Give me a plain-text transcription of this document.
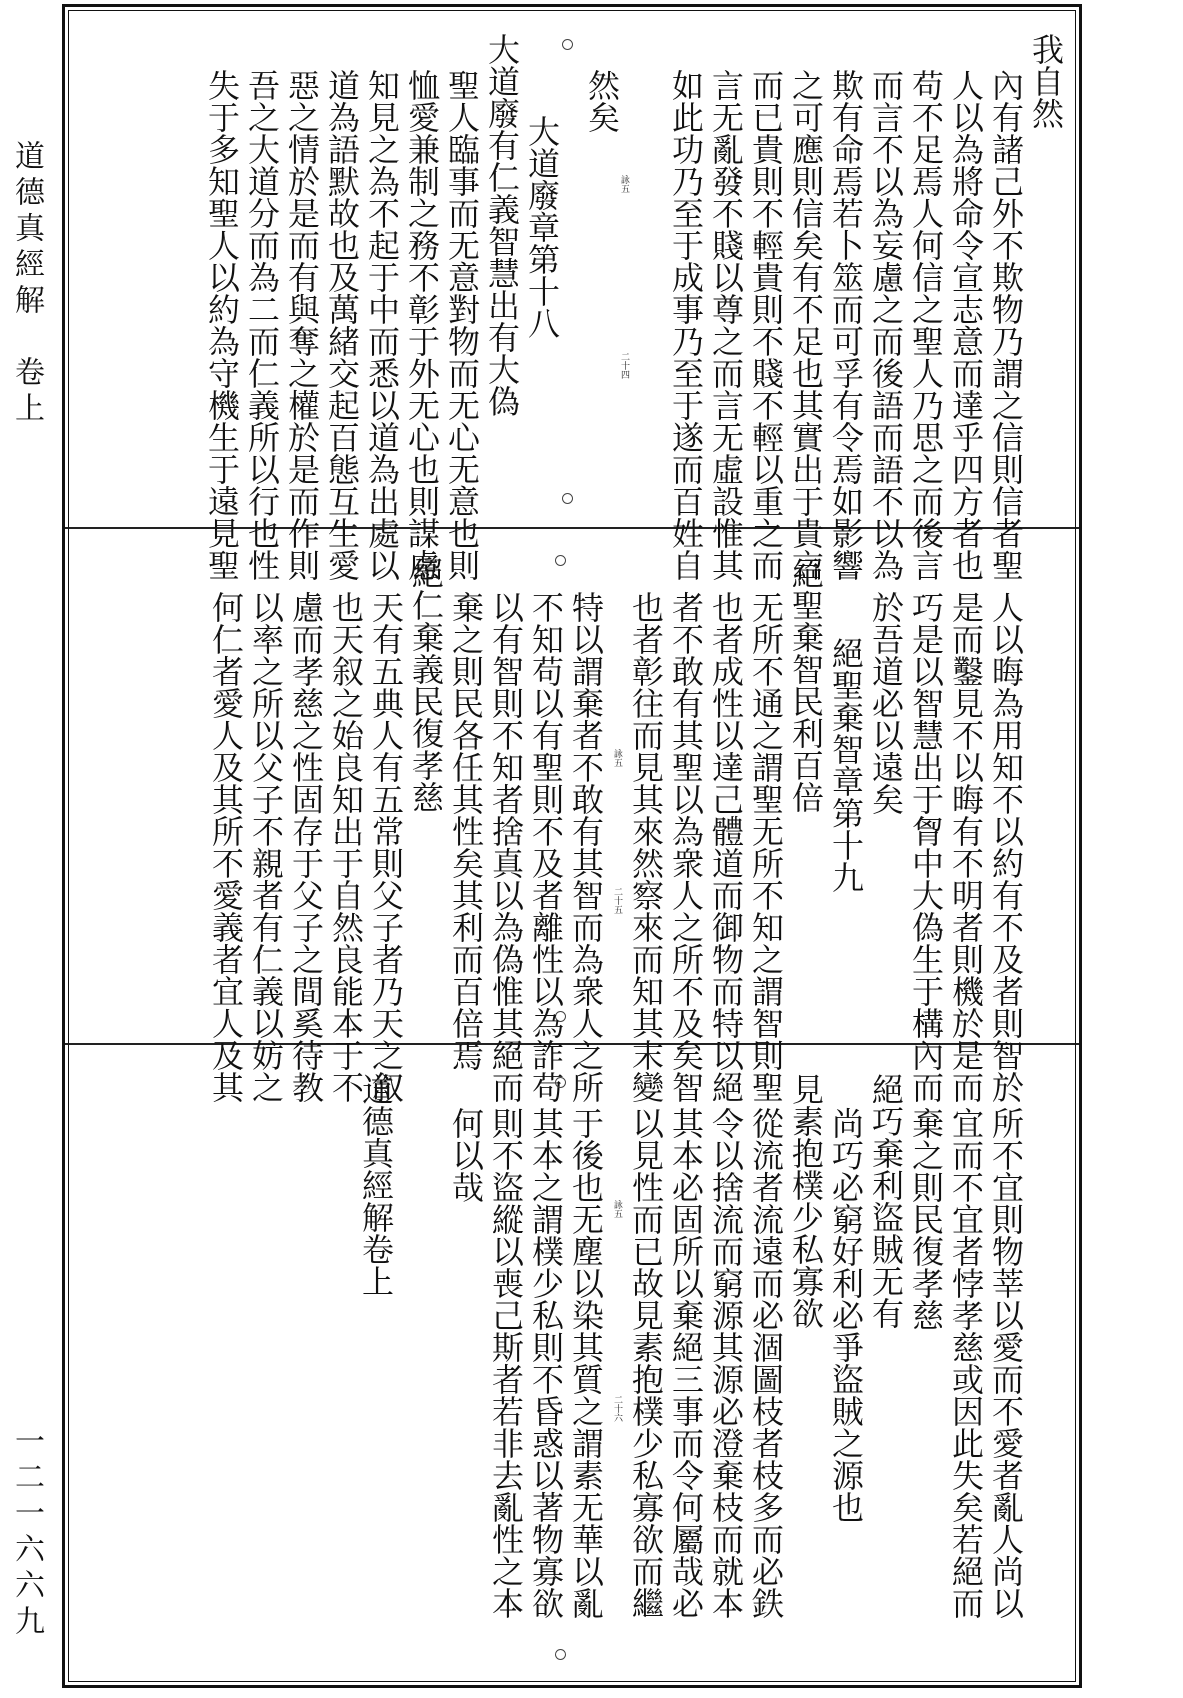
道德真經解　卷上
一二一六六九
我自然
內有諸己外不欺物乃謂之信則信者聖
人以為將命令宣志意而達乎四方者也
苟不足焉人何信之聖人乃思之而後言
而言不以為妄慮之而後語而語不以為
欺有命焉若卜筮而可孚有令焉如影響
之可應則信矣有不足也其實出于貴言
而已貴則不輕貴則不賤不輕以重之而
言无亂發不賤以尊之而言无虛設惟其
如此功乃至于成事乃至于遂而百姓自
詠五
二十四
然矣
大道廢章第十八
大道廢有仁義智慧出有大偽
聖人臨事而无意對物而无心无意也則
恤愛兼制之務不彰于外无心也則謀慮
知見之為不起于中而悉以道為出處以
道為語默故也及萬緒交起百態互生愛
惡之情於是而有與奪之權於是而作則
吾之大道分而為二而仁義所以行也性
失于多知聖人以約為守機生于遠見聖
人以晦為用知不以約有不及者則智於
是而鑿見不以晦有不明者則機於是而
巧是以智慧出于胷中大偽生于構內而
於吾道必以遠矣
絕聖棄智章第十九
絕聖棄智民利百倍
无所不通之謂聖无所不知之謂智則聖
也者成性以達己體道而御物而特以絕
者不敢有其聖以為衆人之所不及矣智
也者彰往而見其來然察來而知其末變
詠五
二十五
特以謂棄者不敢有其智而為衆人之所
不知苟以有聖則不及者離性以為詐苟
以有智則不知者捨真以為偽惟其絕而
棄之則民各任其性矣其利而百倍焉
絕仁棄義民復孝慈
天有五典人有五常則父子者乃天之叙
也天叙之始良知出于自然良能本于不
慮而孝慈之性固存于父子之間奚待教
以率之所以父子不親者有仁義以妨之
何仁者愛人及其所不愛義者宜人及其
所不宜則物莘以愛而不愛者亂人尚以
宜而不宜者悖孝慈或因此失矣若絕而
棄之則民復孝慈
絕巧棄利盜賊无有
尚巧必窮好利必爭盜賊之源也
見素抱樸少私寡欲
從流者流遠而必涸圖枝者枝多而必鉄
令以捨流而窮源其源必澄棄枝而就本
其本必固所以棄絕三事而令何屬哉必
以見性而已故見素抱樸少私寡欲而繼
詠五
二十六
于後也无塵以染其質之謂素无華以亂
其本之謂樸少私則不昏惑以著物寡欲
則不盜縱以喪己斯者若非去亂性之本
何以哉
道德真經解卷上
